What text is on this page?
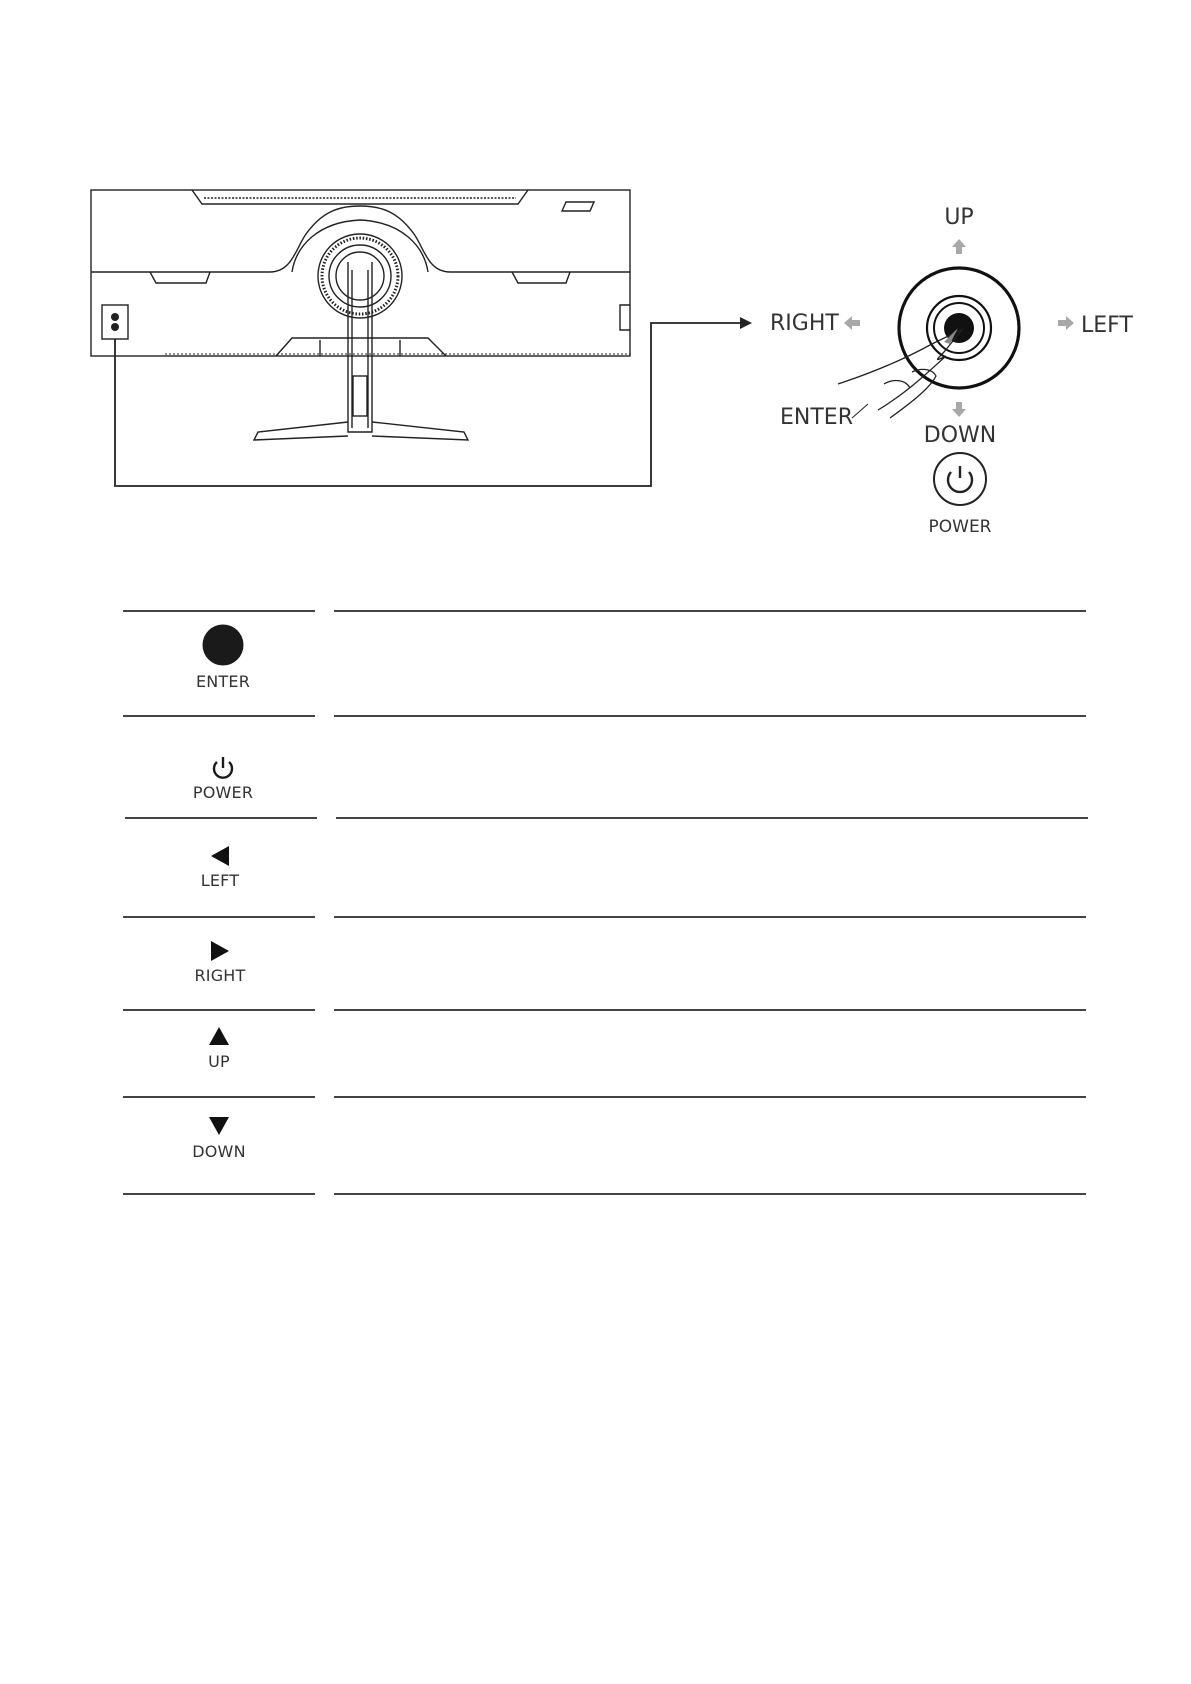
UP
RIGHT	LEFT
ENTER
DOWN
POWER
ENTER
POWER
LEFT
RIGHT
UP
DOWN
